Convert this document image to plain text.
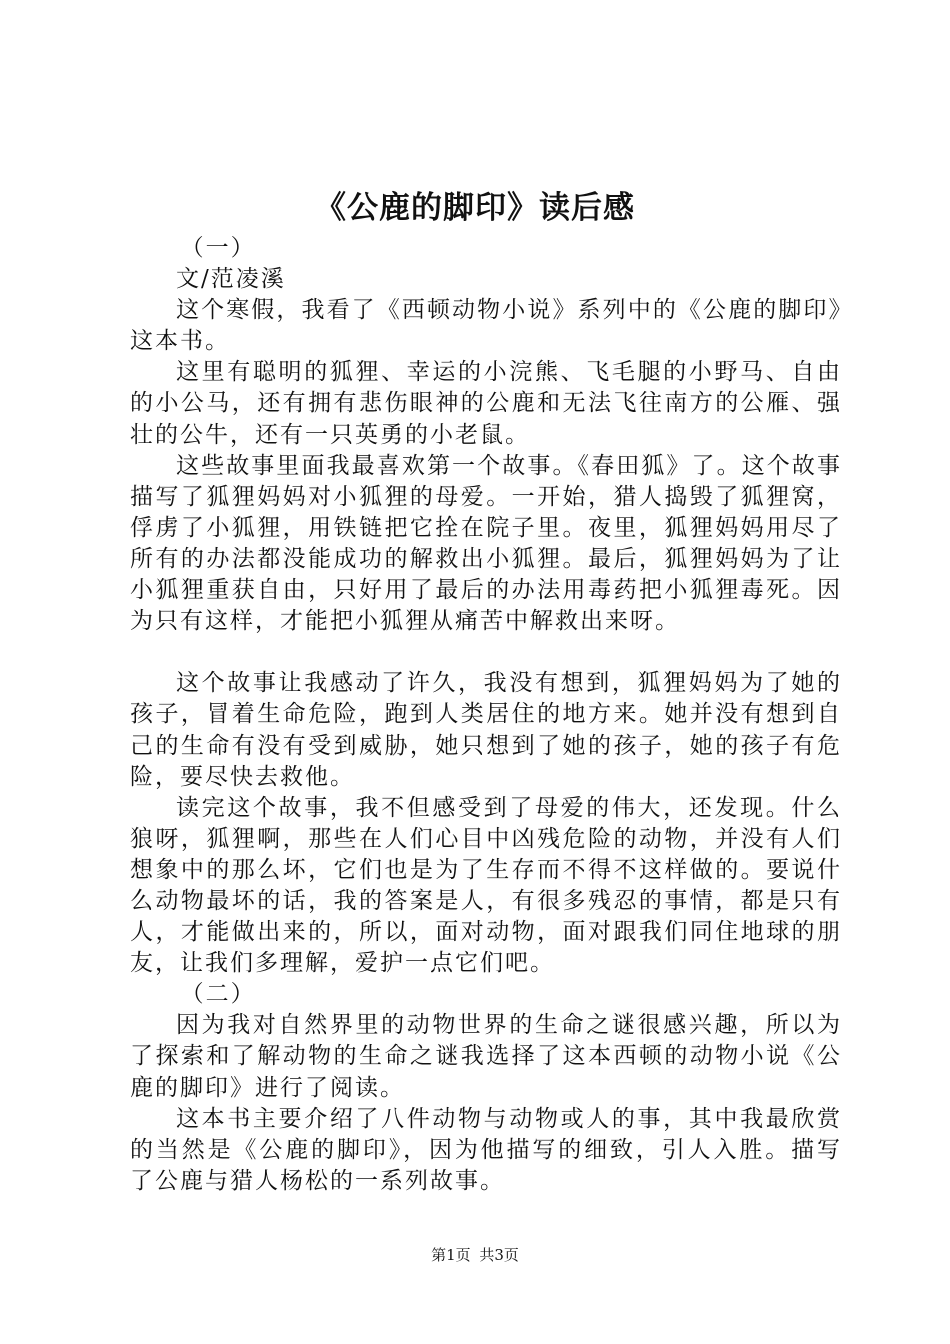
《公鹿的脚印》读后感

（一）

文/范凌溪

这个寒假，我看了《西顿动物小说》系列中的《公鹿的脚印》这本书。

这里有聪明的狐狸、幸运的小浣熊、飞毛腿的小野马、自由的小公马，还有拥有悲伤眼神的公鹿和无法飞往南方的公雁、强壮的公牛，还有一只英勇的小老鼠。

这些故事里面我最喜欢第一个故事。《春田狐》了。这个故事描写了狐狸妈妈对小狐狸的母爱。一开始，猎人捣毁了狐狸窝，俘虏了小狐狸，用铁链把它拴在院子里。夜里，狐狸妈妈用尽了所有的办法都没能成功的解救出小狐狸。最后，狐狸妈妈为了让小狐狸重获自由，只好用了最后的办法用毒药把小狐狸毒死。因为只有这样，才能把小狐狸从痛苦中解救出来呀。

这个故事让我感动了许久，我没有想到，狐狸妈妈为了她的孩子，冒着生命危险，跑到人类居住的地方来。她并没有想到自己的生命有没有受到威胁，她只想到了她的孩子，她的孩子有危险，要尽快去救他。

读完这个故事，我不但感受到了母爱的伟大，还发现。什么狼呀，狐狸啊，那些在人们心目中凶残危险的动物，并没有人们想象中的那么坏，它们也是为了生存而不得不这样做的。要说什么动物最坏的话，我的答案是人，有很多残忍的事情，都是只有人，才能做出来的，所以，面对动物，面对跟我们同住地球的朋友，让我们多理解，爱护一点它们吧。

（二）

因为我对自然界里的动物世界的生命之谜很感兴趣，所以为了探索和了解动物的生命之谜我选择了这本西顿的动物小说《公鹿的脚印》进行了阅读。

这本书主要介绍了八件动物与动物或人的事，其中我最欣赏的当然是《公鹿的脚印》，因为他描写的细致，引人入胜。描写了公鹿与猎人杨松的一系列故事。

第1页 共3页
